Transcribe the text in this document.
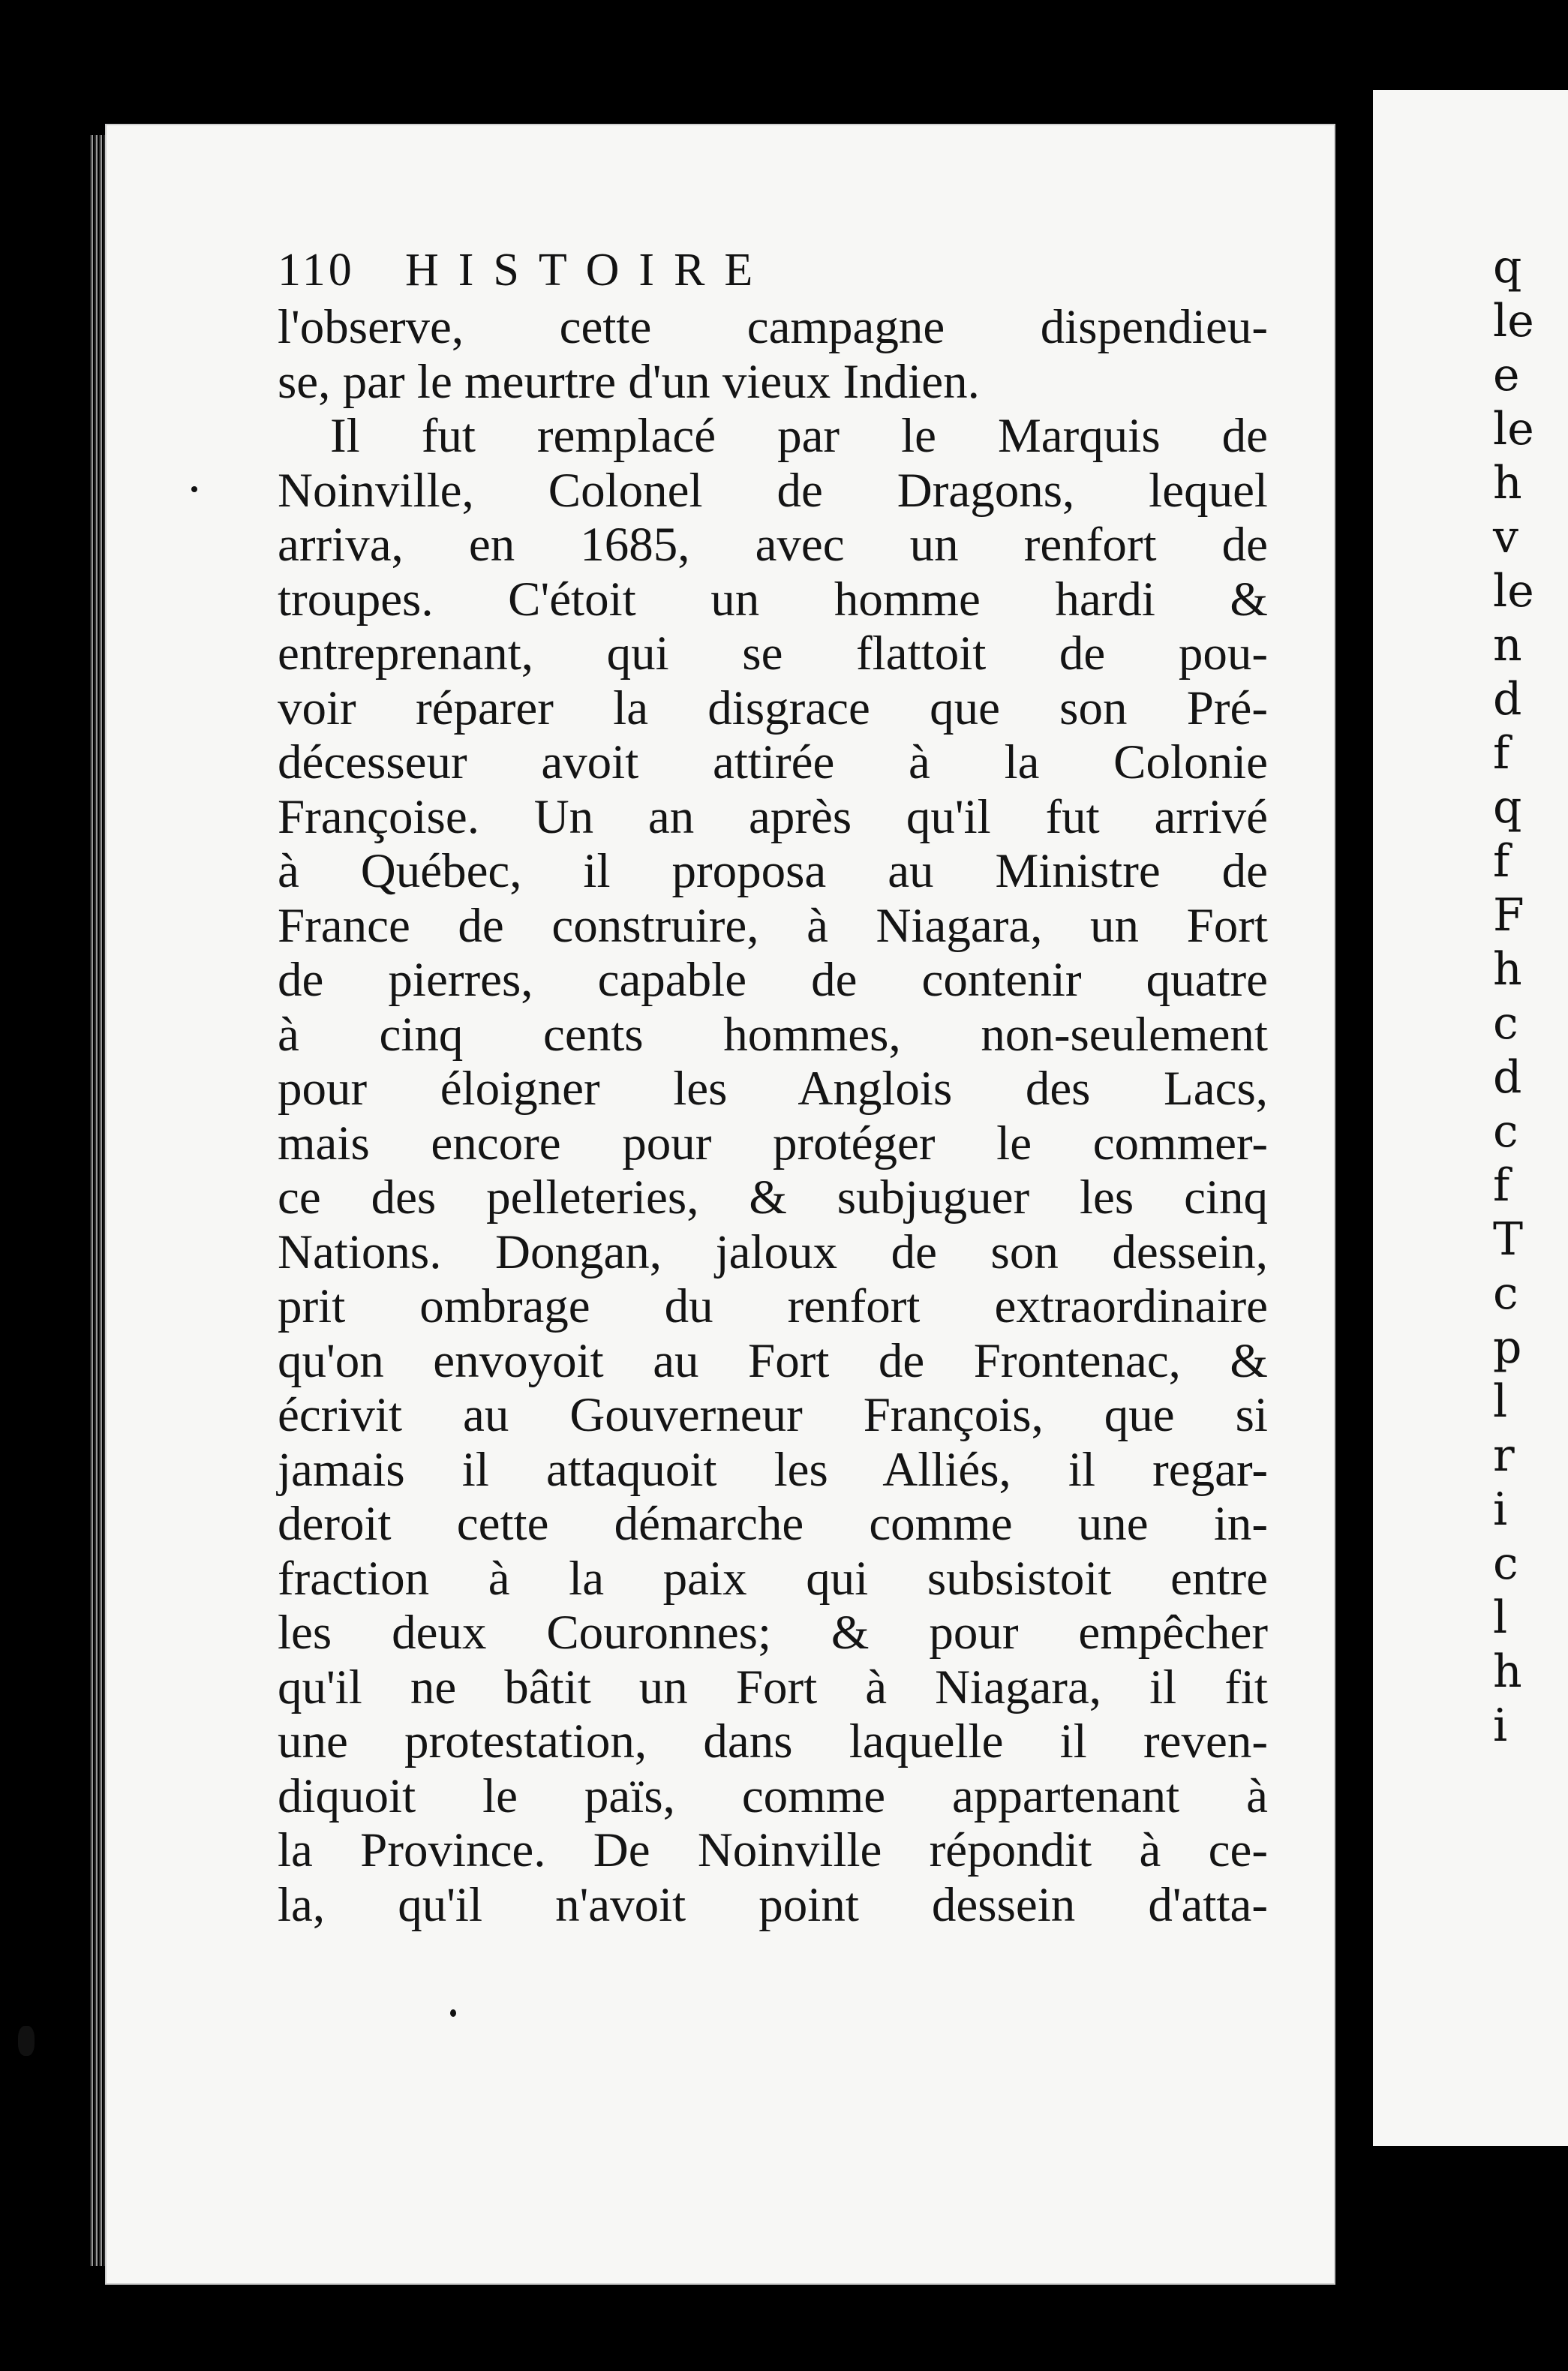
110	HISTOIRE
l'observe, cette campagne dispendieu-
se, par le meurtre d'un vieux Indien.
Il fut remplacé par le Marquis de
Noinville, Colonel de Dragons, lequel
arriva, en 1685, avec un renfort de
troupes. C'étoit un homme hardi &
entreprenant, qui se flattoit de pou-
voir réparer la disgrace que son Pré-
décesseur avoit attirée à la Colonie
Françoise. Un an après qu'il fut arrivé
à Québec, il proposa au Ministre de
France de construire, à Niagara, un Fort
de pierres, capable de contenir quatre
à cinq cents hommes, non-seulement
pour éloigner les Anglois des Lacs,
mais encore pour protéger le commer-
ce des pelleteries, & subjuguer les cinq
Nations. Dongan, jaloux de son dessein,
prit ombrage du renfort extraordinaire
qu'on envoyoit au Fort de Frontenac, &
écrivit au Gouverneur François, que si
jamais il attaquoit les Alliés, il regar-
deroit cette démarche comme une in-
fraction à la paix qui subsistoit entre
les deux Couronnes; & pour empêcher
qu'il ne bâtit un Fort à Niagara, il fit
une protestation, dans laquelle il reven-
diquoit le païs, comme appartenant à
la Province. De Noinville répondit à ce-
la, qu'il n'avoit point dessein d'atta-
q
le
e
le
h
v
le
n
d
f
q
f
F
h
c
d
c
f
T
c
p
l
r
i
c
l
h
i
